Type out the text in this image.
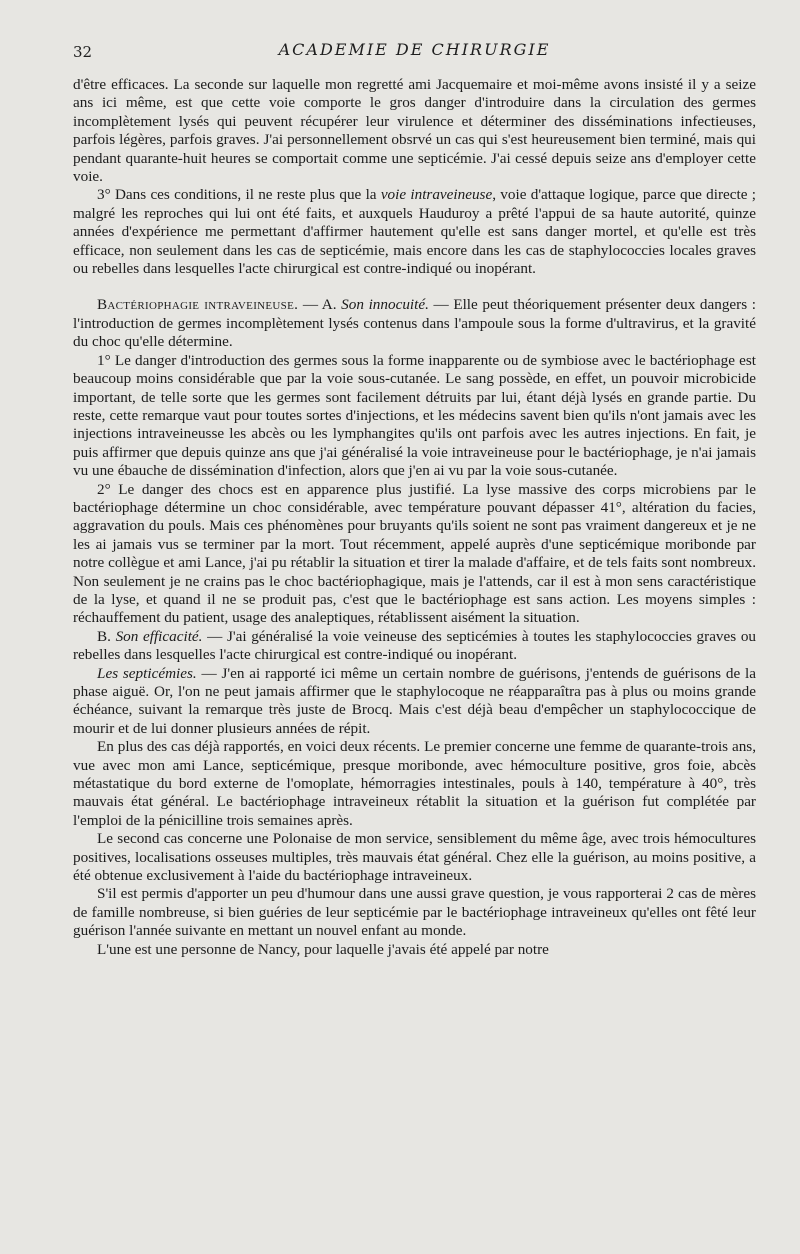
32	ACADEMIE DE CHIRURGIE

d'être efficaces. La seconde sur laquelle mon regretté ami Jacquemaire et moi-même avons insisté il y a seize ans ici même, est que cette voie comporte le gros danger d'introduire dans la circulation des germes incomplètement lysés qui peuvent récupérer leur virulence et déterminer des disséminations infectieuses, parfois légères, parfois graves. J'ai personnellement obsrvé un cas qui s'est heureusement bien terminé, mais qui pendant quarante-huit heures se comportait comme une septicémie. J'ai cessé depuis seize ans d'employer cette voie.

3° Dans ces conditions, il ne reste plus que la voie intraveineuse, voie d'attaque logique, parce que directe ; malgré les reproches qui lui ont été faits, et auxquels Hauduroy a prêté l'appui de sa haute autorité, quinze années d'expérience me permettant d'affirmer hautement qu'elle est sans danger mortel, et qu'elle est très efficace, non seulement dans les cas de septicémie, mais encore dans les cas de staphylococcies locales graves ou rebelles dans lesquelles l'acte chirurgical est contre-indiqué ou inopérant.

Bactériophagie intraveineuse. — A. Son innocuité. — Elle peut théoriquement présenter deux dangers : l'introduction de germes incomplètement lysés contenus dans l'ampoule sous la forme d'ultravirus, et la gravité du choc qu'elle détermine.

1° Le danger d'introduction des germes sous la forme inapparente ou de symbiose avec le bactériophage est beaucoup moins considérable que par la voie sous-cutanée. Le sang possède, en effet, un pouvoir microbicide important, de telle sorte que les germes sont facilement détruits par lui, étant déjà lysés en grande partie. Du reste, cette remarque vaut pour toutes sortes d'injections, et les médecins savent bien qu'ils n'ont jamais avec les injections intraveineusse les abcès ou les lymphangites qu'ils ont parfois avec les autres injections. En fait, je puis affirmer que depuis quinze ans que j'ai généralisé la voie intraveineuse pour le bactériophage, je n'ai jamais vu une ébauche de dissémination d'infection, alors que j'en ai vu par la voie sous-cutanée.

2° Le danger des chocs est en apparence plus justifié. La lyse massive des corps microbiens par le bactériophage détermine un choc considérable, avec température pouvant dépasser 41°, altération du facies, aggravation du pouls. Mais ces phénomènes pour bruyants qu'ils soient ne sont pas vraiment dangereux et je ne les ai jamais vus se terminer par la mort. Tout récemment, appelé auprès d'une septicémique moribonde par notre collègue et ami Lance, j'ai pu rétablir la situation et tirer la malade d'affaire, et de tels faits sont nombreux. Non seulement je ne crains pas le choc bactériophagique, mais je l'attends, car il est à mon sens caractéristique de la lyse, et quand il ne se produit pas, c'est que le bactériophage est sans action. Les moyens simples : réchauffement du patient, usage des analeptiques, rétablissent aisément la situation.

B. Son efficacité. — J'ai généralisé la voie veineuse des septicémies à toutes les staphylococcies graves ou rebelles dans lesquelles l'acte chirurgical est contre-indiqué ou inopérant.

Les septicémies. — J'en ai rapporté ici même un certain nombre de guérisons, j'entends de guérisons de la phase aiguë. Or, l'on ne peut jamais affirmer que le staphylocoque ne réapparaîtra pas à plus ou moins grande échéance, suivant la remarque très juste de Brocq. Mais c'est déjà beau d'empêcher un staphylococcique de mourir et de lui donner plusieurs années de répit.

En plus des cas déjà rapportés, en voici deux récents. Le premier concerne une femme de quarante-trois ans, vue avec mon ami Lance, septicémique, presque moribonde, avec hémoculture positive, gros foie, abcès métastatique du bord externe de l'omoplate, hémorragies intestinales, pouls à 140, température à 40°, très mauvais état général. Le bactériophage intraveineux rétablit la situation et la guérison fut complétée par l'emploi de la pénicilline trois semaines après.

Le second cas concerne une Polonaise de mon service, sensiblement du même âge, avec trois hémocultures positives, localisations osseuses multiples, très mauvais état général. Chez elle la guérison, au moins positive, a été obtenue exclusivement à l'aide du bactériophage intraveineux.

S'il est permis d'apporter un peu d'humour dans une aussi grave question, je vous rapporterai 2 cas de mères de famille nombreuse, si bien guéries de leur septicémie par le bactériophage intraveineux qu'elles ont fêté leur guérison l'année suivante en mettant un nouvel enfant au monde.

L'une est une personne de Nancy, pour laquelle j'avais été appelé par notre
